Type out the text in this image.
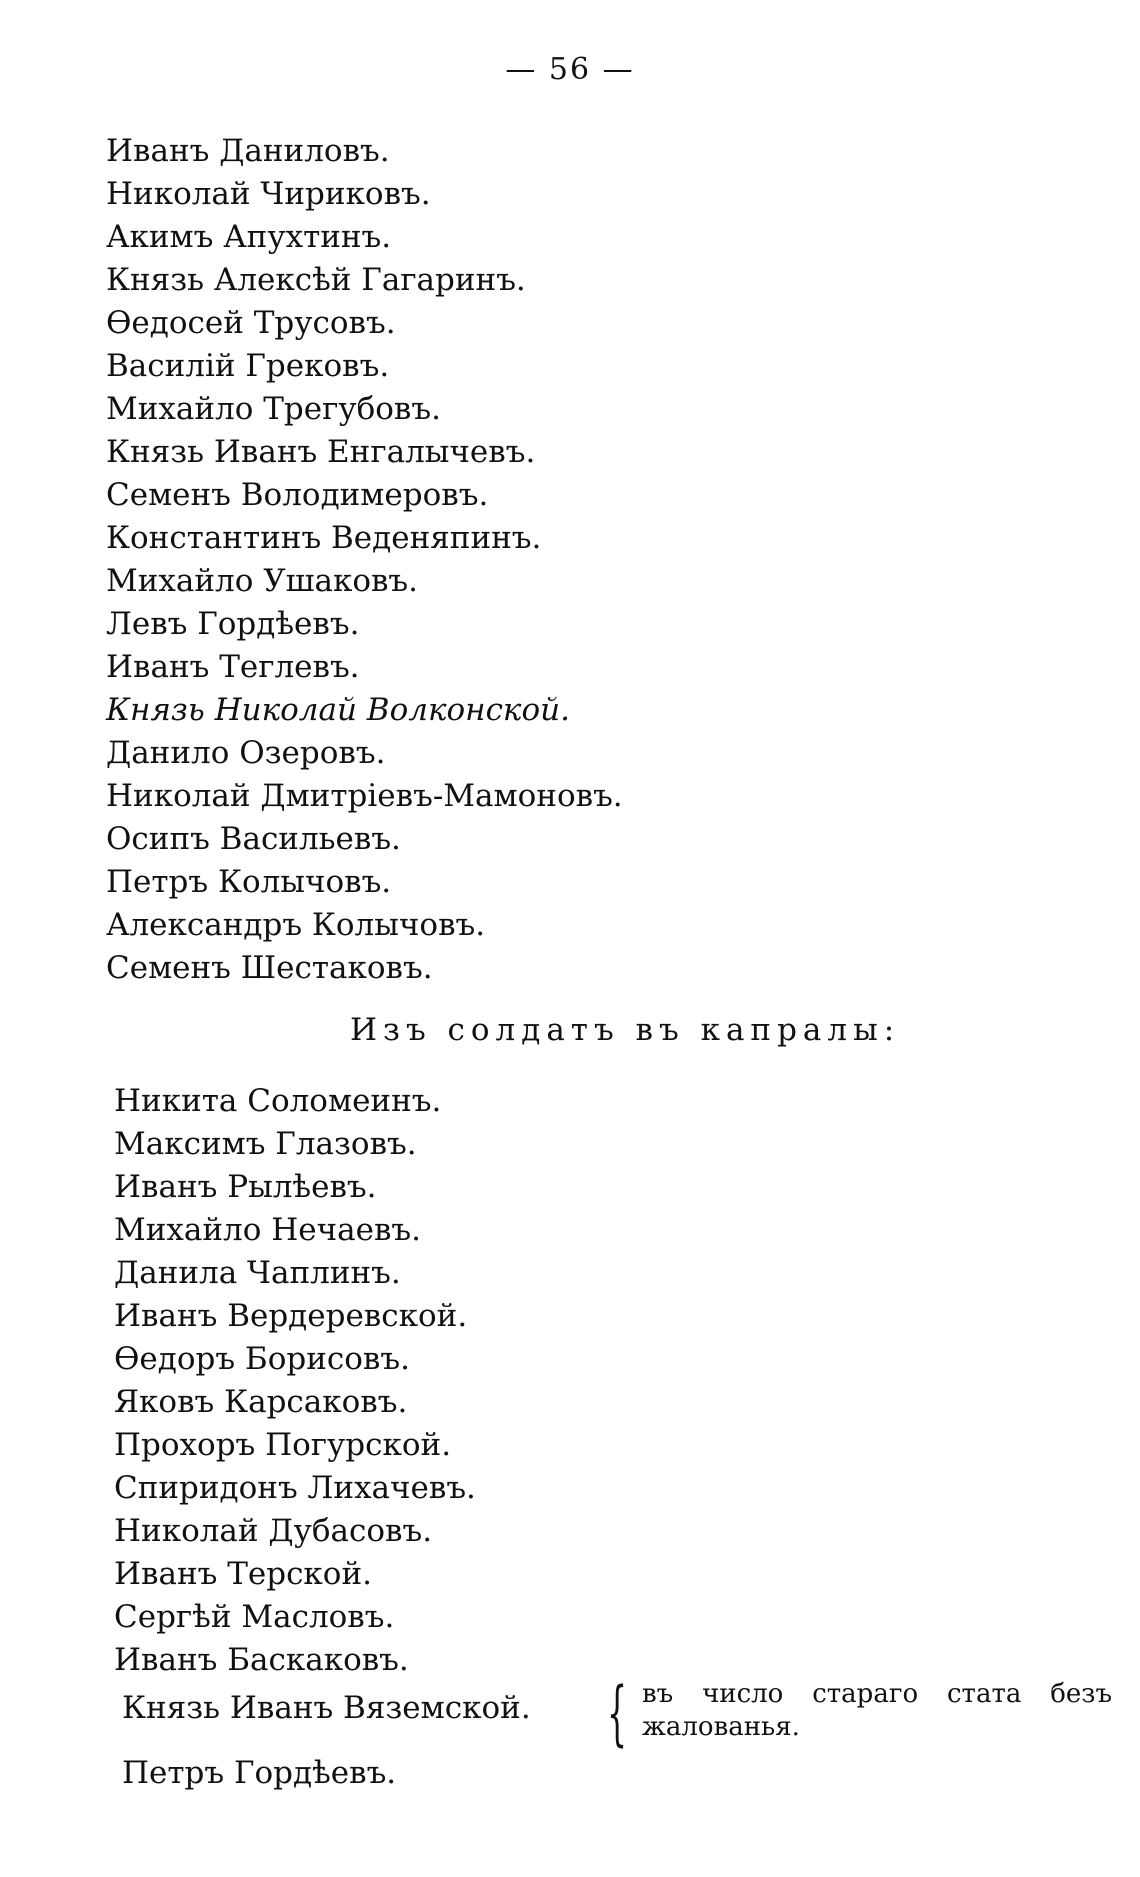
— 56 —
Иванъ Даниловъ.
Николай Чириковъ.
Акимъ Апухтинъ.
Князь Алексѣй Гагаринъ.
Ѳедосей Трусовъ.
Василій Грековъ.
Михайло Трегубовъ.
Князь Иванъ Енгалычевъ.
Семенъ Володимеровъ.
Константинъ Веденяпинъ.
Михайло Ушаковъ.
Левъ Гордѣевъ.
Иванъ Теглевъ.
Князь Николай Волконской.
Данило Озеровъ.
Николай Дмитріевъ-Мамоновъ.
Осипъ Васильевъ.
Петръ Колычовъ.
Александръ Колычовъ.
Семенъ Шестаковъ.
Изъ солдатъ въ капралы:
Никита Соломеинъ.
Максимъ Глазовъ.
Иванъ Рылѣевъ.
Михайло Нечаевъ.
Данила Чаплинъ.
Иванъ Вердеревской.
Ѳедоръ Борисовъ.
Яковъ Карсаковъ.
Прохоръ Погурской.
Спиридонъ Лихачевъ.
Николай Дубасовъ.
Иванъ Терской.
Сергѣй Масловъ.
Иванъ Баскаковъ.
Князь Иванъ Вяземской. { въ число стараго стата безъ жалованья.
Петръ Гордѣевъ.
